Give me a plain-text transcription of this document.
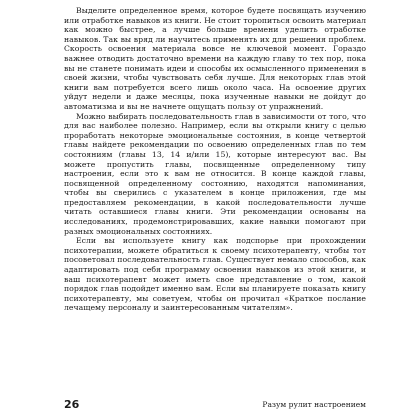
Выделите определенное время, которое будете посвящать изучению или отработке навыков из книги. Не стоит торопиться освоить материал как можно быстрее, а лучше больше времени уделить отработке навыков. Так вы вряд ли научитесь применять их для решения проблем. Скорость освоения материала вовсе не ключевой момент. Гораздо важнее отводить достаточно времени на каждую главу то тех пор, пока вы не станете понимать идеи и способы их осмысленного применения в своей жизни, чтобы чувствовать себя лучше. Для некоторых глав этой книги вам потребуется всего лишь около часа. На освоение других уйдут недели и даже месяцы, пока изученные навыки не дойдут до автоматизма и вы не начнете ощущать пользу от упражнений.

Можно выбирать последовательность глав в зависимости от того, что для вас наиболее полезно. Например, если вы открыли книгу с целью проработать некоторые эмоциональные состояния, в конце четвертой главы найдете рекомендации по освоению определенных глав по тем состояниям (главы 13, 14 и/или 15), которые интересуют вас. Вы можете пропустить главы, посвященные определенному типу настроения, если это к вам не относится. В конце каждой главы, посвященной определенному состоянию, находятся напоминания, чтобы вы сверились с указателем в конце приложения, где мы предоставляем рекомендации, в какой последовательности лучше читать оставшиеся главы книги. Эти рекомендации основаны на исследованиях, продемонстрировавших, какие навыки помогают при разных эмоциональных состояниях.

Если вы используете книгу как подспорье при прохождении психотерапии, можете обратиться к своему психотерапевту, чтобы тот посоветовал последовательность глав. Существует немало способов, как адаптировать под себя программу освоения навыков из этой книги, и ваш психотерапевт может иметь свое представление о том, какой порядок глав подойдет именно вам. Если вы планируете показать книгу психотерапевту, мы советуем, чтобы он прочитал «Краткое послание лечащему персоналу и заинтересованным читателям».

26	Разум рулит настроением
